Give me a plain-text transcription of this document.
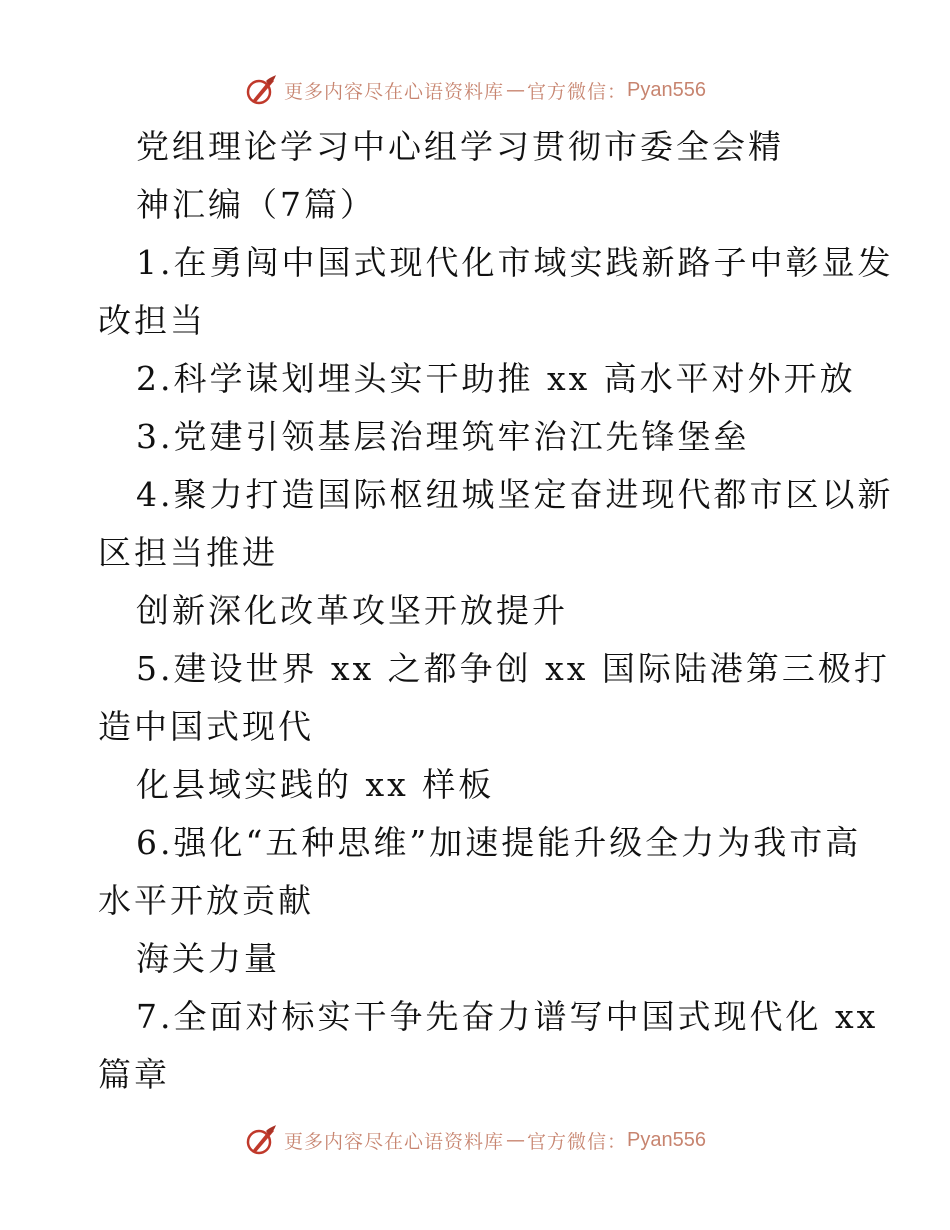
更多内容尽在心语资料库 — 官方微信： Pyan556
党组理论学习中心组学习贯彻市委全会精
神汇编（7篇）
1.在勇闯中国式现代化市域实践新路子中彰显发
改担当
2.科学谋划埋头实干助推 xx 高水平对外开放
3.党建引领基层治理筑牢治江先锋堡垒
4.聚力打造国际枢纽城坚定奋进现代都市区以新
区担当推进
创新深化改革攻坚开放提升
5.建设世界 xx 之都争创 xx 国际陆港第三极打
造中国式现代
化县域实践的 xx 样板
6.强化“五种思维”加速提能升级全力为我市高
水平开放贡献
海关力量
7.全面对标实干争先奋力谱写中国式现代化 xx
篇章
更多内容尽在心语资料库 — 官方微信： Pyan556
